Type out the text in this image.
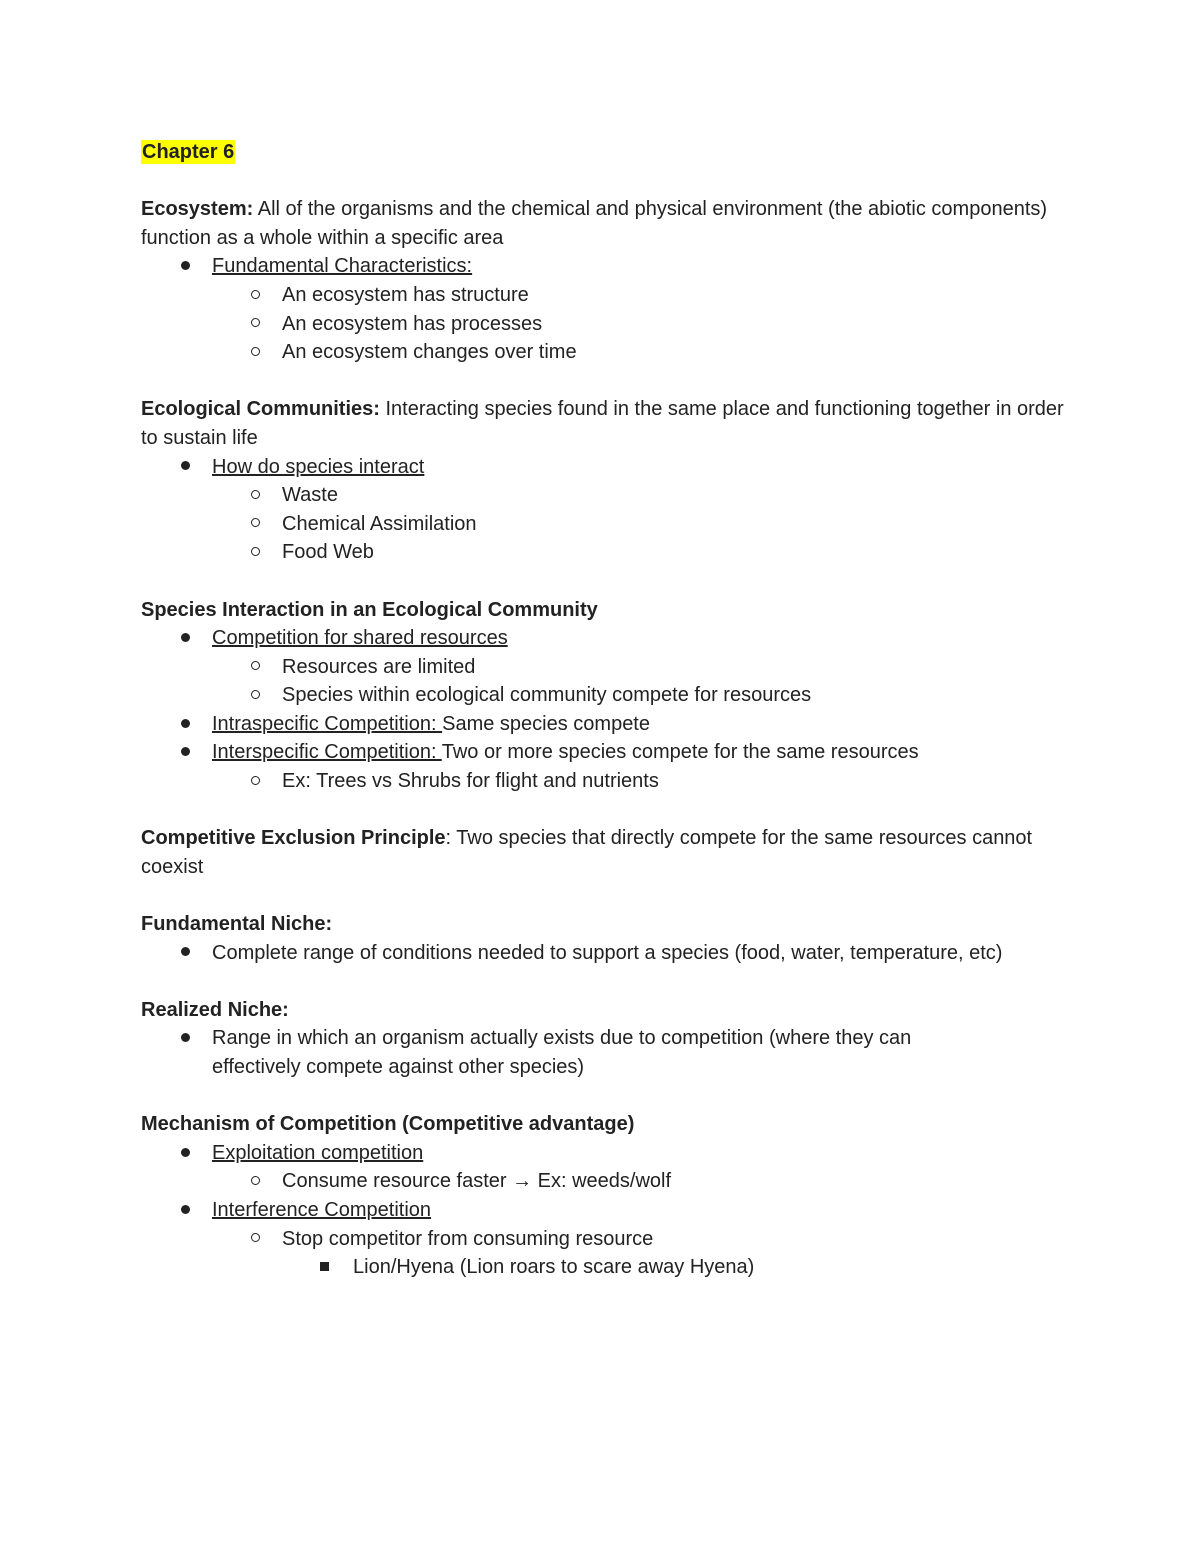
Chapter 6
Ecosystem: All of the organisms and the chemical and physical environment (the abiotic components) function as a whole within a specific area
Fundamental Characteristics:
An ecosystem has structure
An ecosystem has processes
An ecosystem changes over time
Ecological Communities: Interacting species found in the same place and functioning together in order to sustain life
How do species interact
Waste
Chemical Assimilation
Food Web
Species Interaction in an Ecological Community
Competition for shared resources
Resources are limited
Species within ecological community compete for resources
Intraspecific Competition: Same species compete
Interspecific Competition: Two or more species compete for the same resources
Ex: Trees vs Shrubs for flight and nutrients
Competitive Exclusion Principle: Two species that directly compete for the same resources cannot coexist
Fundamental Niche:
Complete range of conditions needed to support a species (food, water, temperature, etc)
Realized Niche:
Range in which an organism actually exists due to competition (where they can effectively compete against other species)
Mechanism of Competition (Competitive advantage)
Exploitation competition
Consume resource faster → Ex: weeds/wolf
Interference Competition
Stop competitor from consuming resource
Lion/Hyena (Lion roars to scare away Hyena)
